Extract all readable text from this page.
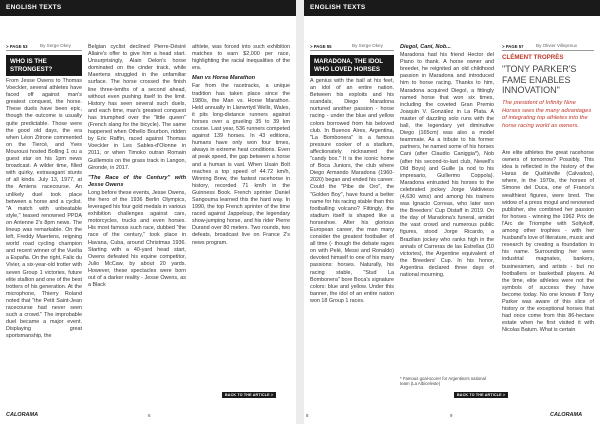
ENGLISH TEXTS
> PAGE 53	By Serge Okey
WHO IS THE STRONGEST?

From Jesse Owens to Thomas Voeckler, several athletes have faced off against man's greatest conquest, the horse. These duels have been epic, though the outcome is usually quite predictable. Those were the good old days, the era when Léon Zitrone commented on the Tiercé, and Yves Mourousi hosted Bolling 1 ou a guest star on his 1pm news broadcast. A wilder time, filled with quirky, extravagant stunts of all kinds. July 13, 1977, at the Amiens racecourse. An unlikely duel took place between a horse and a cyclist. "A match with unbeatable style," teased renowned PPDA on Antenne 2's 8pm news. The lineup was remarkable. On the left, Freddy Maertens, reigning world road cycling champion and recent winner of the Vuelta a España. On the right, Falic du Vivier, a six-year-old trotter with seven Group 1 victories, future elite stallion and one of the best trotters of his generation. At the microphone, Thierry Roland noted that "the Petit Saint-Jean racecourse had never seen such a crowd." The improbable duel became a major event. Displaying great sportsmanship, the

Belgian cyclist declined Pierre-Désiré Allaire's offer to give him a head start. Unsurprisingly, Alain Delon's horse dominated on the cinder track, while Maertens struggled in the unfamiliar surface. The horse crossed the finish line three-tenths of a second ahead, without even pushing itself to the limit. History has seen several such duels, and each time, man's greatest conquest has triumphed over the "little queen" (French slang for the bicycle). The same happened when Othello Bourbon, ridden by Eric Raffin, raced against Thomas Voeckler in Les Sables-d'Olonne in 2011, or when Timoko outran Romain Guillemois on the grass track in Langon, Gironde, in 2017.

"The Race of the Century" with Jesse Owens

Long before these events, Jesse Owens, the hero of the 1936 Berlin Olympics, leveraged his four gold medals in various exhibition challenges against cars, motorcycles, trucks and even horses. His most famous such race, dubbed "the race of the century," took place in Havana, Cuba, around Christmas 1936. Starting with a 40-yard head start, Owens defeated his equine competitor, Julio McCaw, by about 20 yards. However, these spectacles were born out of a darker reality - Jesse Owens, as a Black

athlete, was forced into such exhibition matches to earn $2,000 per race, highlighting the racial inequalities of the era.

Man vs Horse Marathon

Far from the racetracks, a unique tradition has taken place since the 1980s, the Man vs. Horse Marathon. Held annually in Llanwrtyd Wells, Wales, it pits long-distance runners against horses over a grueling 35 to 39 km course. Last year, 536 runners competed against 139 horses. In 43 editions, humans have only won four times, always in extreme heat conditions. Even at peak speed, the gap between a horse and a human is vast. When Usain Bolt reaches a top speed of 44.72 km/h, Winning Brew, the fastest racehorse in history, recorded 71 km/h in the Guinness Book. French sprinter Daniel Sangouma learned this the hard way. In 1990, the top French sprinter of the time raced against Jappeloup, the legendary show-jumping horse, and his rider Pierre Durand over 80 meters. Two rounds, two defeats, broadcast live on France 2's news program.

BACK TO THE ARTICLE >
CALORAMA	6
ENGLISH TEXTS
> PAGE 55	By Serge Okey
MARADONA, THE IDOL WHO LOVED HORSES

A genius with the ball at his feet, an idol of an entire nation. Between his exploits and his scandals, Diego Maradona nurtured another passion - horse racing - under the blue and yellow colors borrowed from his beloved club. In Buenos Aires, Argentina, "La Bombonera" is a famous pressure cooker of a stadium, affectionately nicknamed the "candy box." It is the iconic home of Boca Juniors, the club where Diego Armando Maradona (1960-2020) began and ended his career. Could the "Pibe de Oro", the "Golden Boy", have found a better name for his racing stable than this footballing volcano? Fittingly, the stadium itself is shaped like a horseshoe. After his glorious European career, the man many consider the greatest footballer of all time (- though the debate rages on with Pelé, Messi and Ronaldo) devoted himself to one of his many passions: horses. Naturally, his racing stable, "Stud La Bombonera" bore Boca's signature colors: blue and yellow. Under this banner, the idol of an entire nation won 18 Group 1 races.

Diegol, Cani, Nob...

Maradona had his friend Hector del Piano to thank. A horse owner and breeder, he reignited an old childhood passion in Maradona and introduced him to horse racing. Thanks to him, Maradona acquired Diegol, a fittingly named horse that won six times, including the coveted Gran Premio Joaquín V. González in La Plata. A master of dazzling solo runs with the ball, the legendary yet diminutive Diego (165cm) was also a model teammate. As a tribute to his former partners, he named some of his horses Cani (after Claudio Caniggia*), Nob (after his second-to-last club, Newell's Old Boys) and Guille (a nod to his impresario, Guillermo Coppola). Maradona entrusted his horses to the celebrated jockey Jorge Valdivieso (4,630 wins) and among his trainers was Ignacio Correas, who later won the Breeders' Cup Distaff in 2019. On the day of Maradona's funeral, amidst the vast crowd and numerous public figures, stood Jorge Ricardo, a Brazilian jockey who ranks high in the annals of Carreras de las Estrellas (10 victories), the Argentine equivalent of the Breeders' Cup. In his honor, Argentina declared three days of national mourning.

* Famous goal-scorer for Argentina's national team (La Albiceleste)
BACK TO THE ARTICLE >
> PAGE 57	By Olivier Villepreux
CLÉMENT TROPRÈS
"TONY PARKER'S FAME ENABLES INNOVATION"
The president of Infinity Nine Horses sees the many advantages of integrating top athletes into the horse racing world as owners.

Are elite athletes the great racehorse owners of tomorrow? Possibly. This idea is reflected in the history of the Haras de Quétiéville (Calvados), where, in the 1970s, the horses of Simone del Duca, one of France's wealthiest figures, were bred. The widow of a press mogul and renowned publisher, she combined her passion for horses - winning the 1962 Prix de l'Arc de Triomphe with Soltykoff, among other trophies - with her husband's love of literature, music and research by creating a foundation in his name. Surrounding her were industrial magnates, bankers, businessmen, and artists - but no footballers or basketball players. At the time, elite athletes were not the symbols of success they have become today. No one knows if Tony Parker was aware of this slice of history or the exceptional horses that had once come from this 86-hectare estate when he first visited it with Nicolas Batum. What is certain

8	9	CALORAMA
